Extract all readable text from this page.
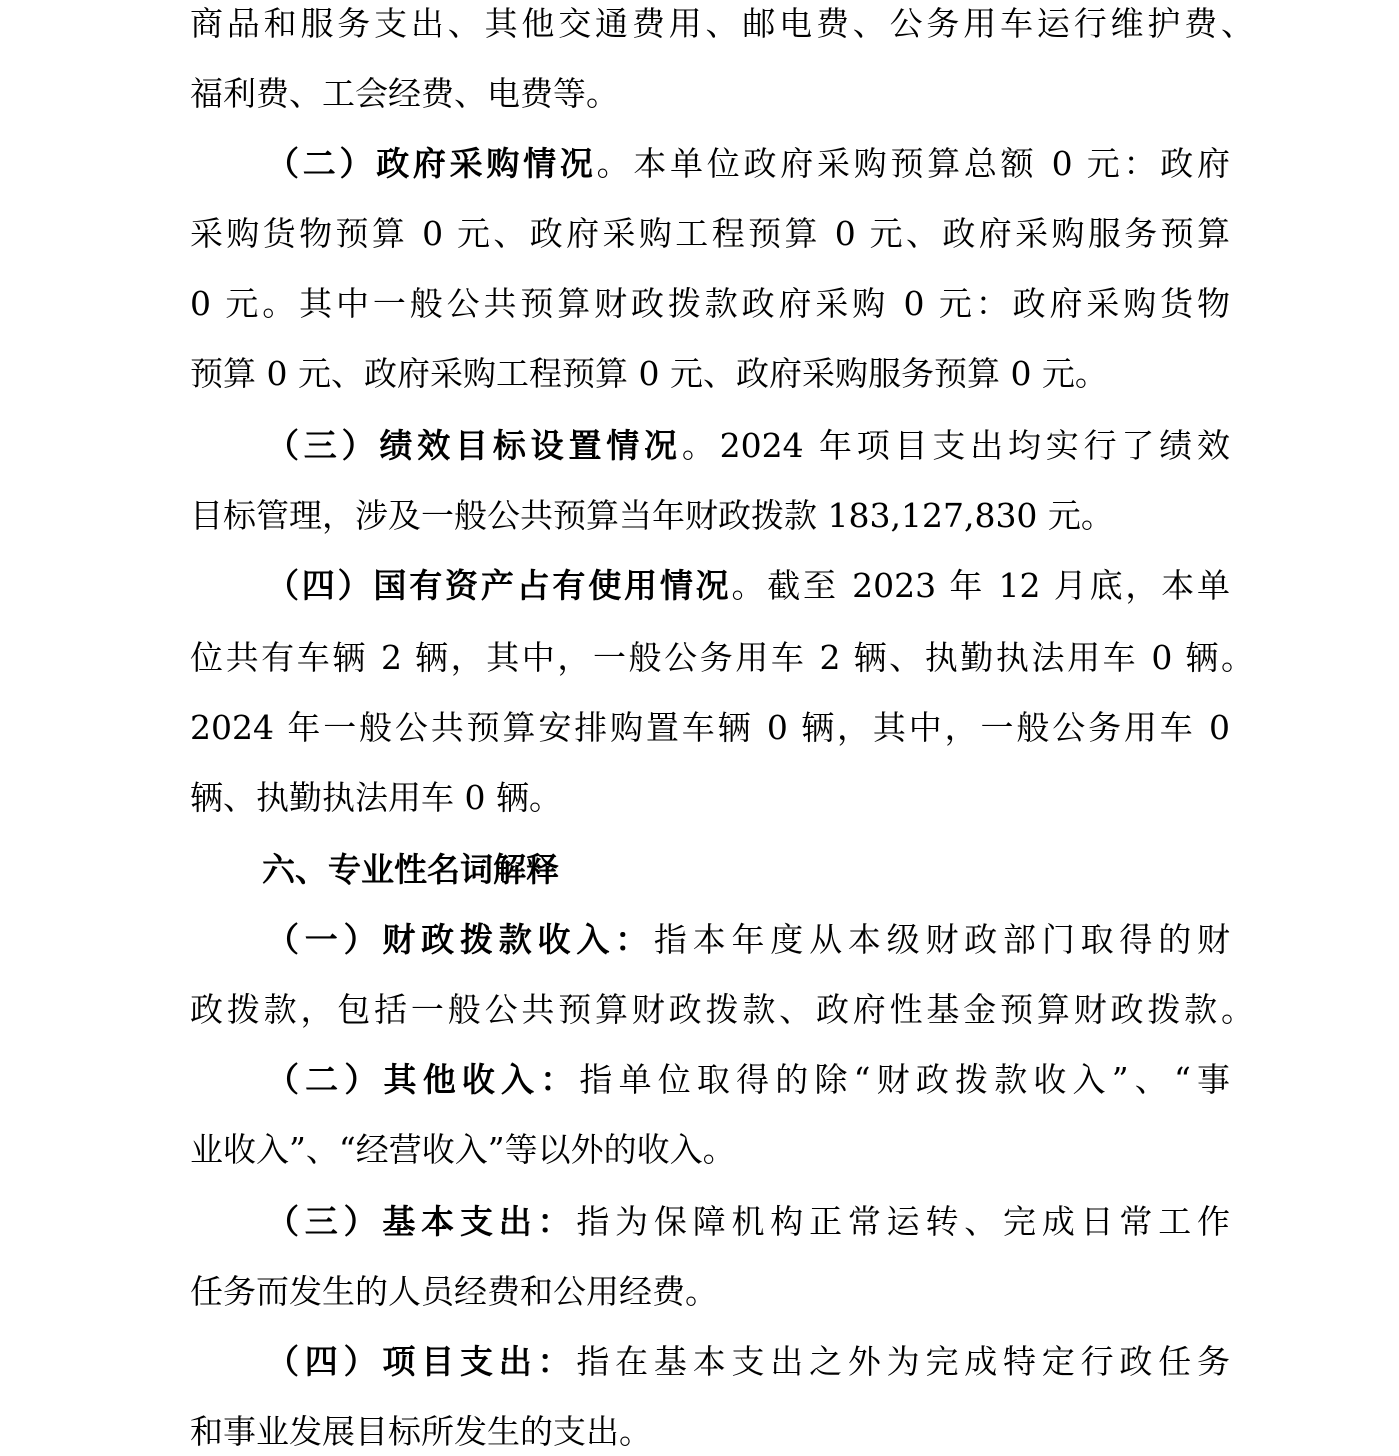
商品和服务支出、其他交通费用、邮电费、公务用车运行维护费、
福利费、工会经费、电费等。
（二）政府采购情况。本单位政府采购预算总额 0 元：政府
采购货物预算 0 元、政府采购工程预算 0 元、政府采购服务预算
0 元。其中一般公共预算财政拨款政府采购 0 元：政府采购货物
预算 0 元、政府采购工程预算 0 元、政府采购服务预算 0 元。
（三）绩效目标设置情况。2024 年项目支出均实行了绩效
目标管理，涉及一般公共预算当年财政拨款 183,127,830 元。
（四）国有资产占有使用情况。截至 2023 年 12 月底，本单
位共有车辆 2 辆，其中，一般公务用车 2 辆、执勤执法用车 0 辆。
2024 年一般公共预算安排购置车辆 0 辆，其中，一般公务用车 0
辆、执勤执法用车 0 辆。
六、专业性名词解释
（一）财政拨款收入：指本年度从本级财政部门取得的财
政拨款，包括一般公共预算财政拨款、政府性基金预算财政拨款。
（二）其他收入：指单位取得的除“财政拨款收入”、“事
业收入”、“经营收入”等以外的收入。
（三）基本支出：指为保障机构正常运转、完成日常工作
任务而发生的人员经费和公用经费。
（四）项目支出：指在基本支出之外为完成特定行政任务
和事业发展目标所发生的支出。
